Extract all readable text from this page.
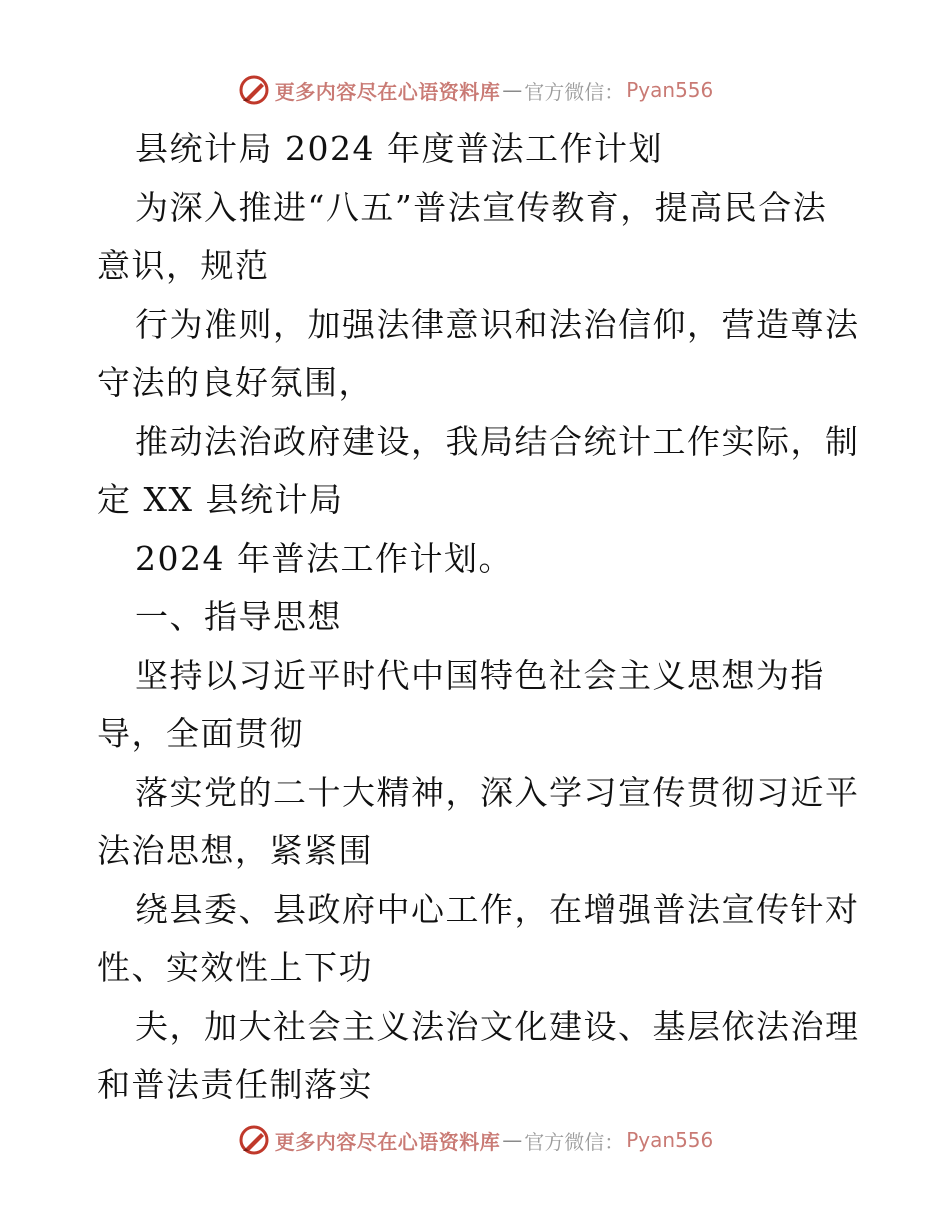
更多内容尽在心语资料库 — 官方微信： Pyan556
县统计局 2024 年度普法工作计划
为深入推进“八五”普法宣传教育，提高民合法
意识，规范
行为准则，加强法律意识和法治信仰，营造尊法
守法的良好氛围，
推动法治政府建设，我局结合统计工作实际，制
定 XX 县统计局
2024 年普法工作计划。
一、指导思想
坚持以习近平时代中国特色社会主义思想为指
导，全面贯彻
落实党的二十大精神，深入学习宣传贯彻习近平
法治思想，紧紧围
绕县委、县政府中心工作，在增强普法宣传针对
性、实效性上下功
夫，加大社会主义法治文化建设、基层依法治理
和普法责任制落实
更多内容尽在心语资料库 — 官方微信： Pyan556
